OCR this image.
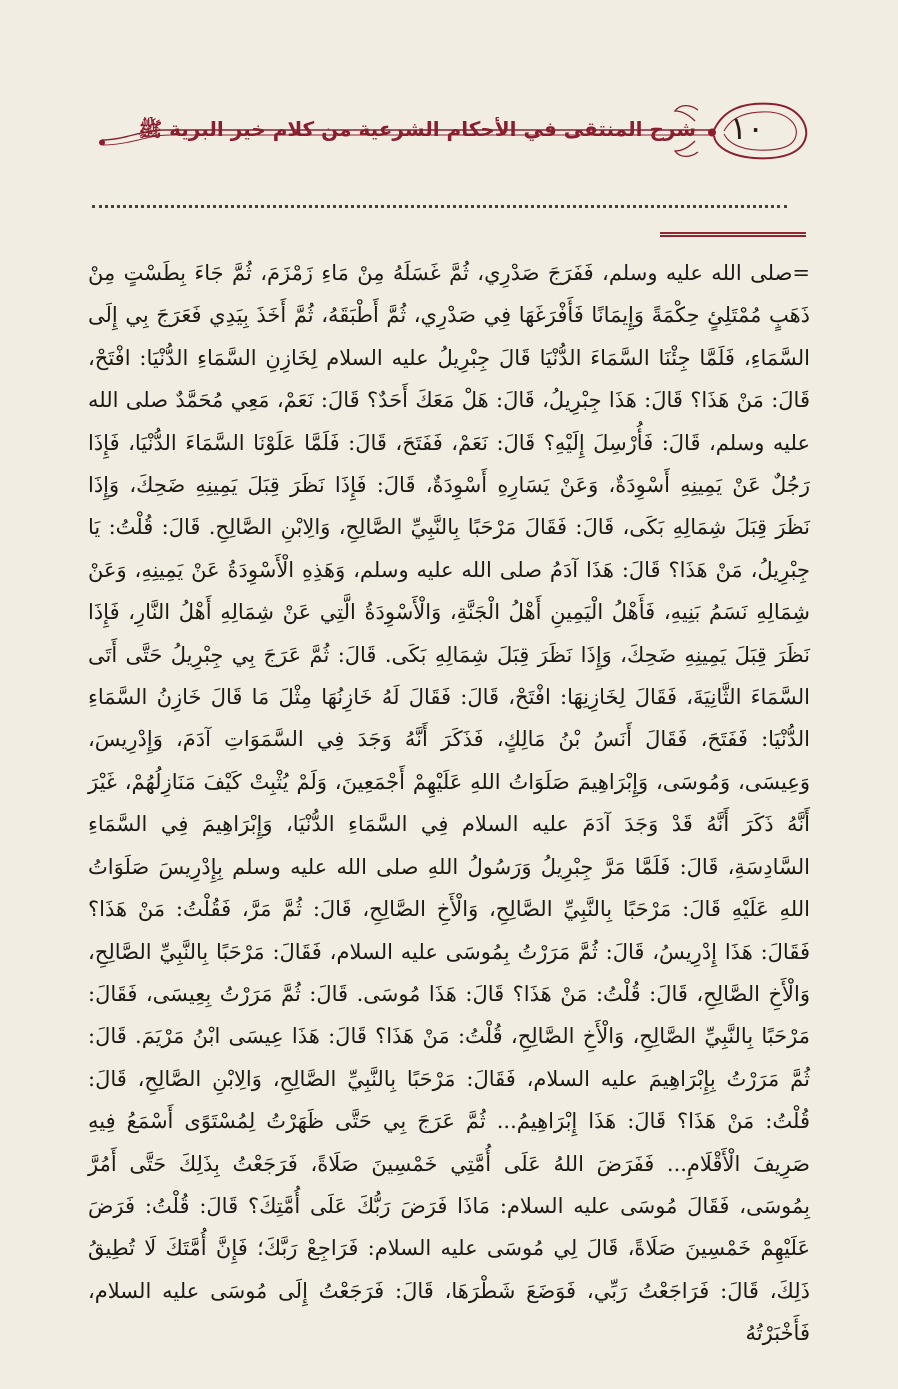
شرح المنتقى في الأحكام الشرعية من كلام خير البرية ﷺ ١٠

=صلى الله عليه وسلم، فَفَرَجَ صَدْرِي، ثُمَّ غَسَلَهُ مِنْ مَاءِ زَمْزَمَ، ثُمَّ جَاءَ بِطَسْتٍ مِنْ ذَهَبٍ مُمْتَلِئٍ حِكْمَةً وَإِيمَانًا فَأَفْرَغَهَا فِي صَدْرِي، ثُمَّ أَطْبَقَهُ، ثُمَّ أَخَذَ بِيَدِي فَعَرَجَ بِي إِلَى السَّمَاءِ، فَلَمَّا جِئْنَا السَّمَاءَ الدُّنْيَا قَالَ جِبْرِيلُ عليه السلام لِخَازِنِ السَّمَاءِ الدُّنْيَا: افْتَحْ، قَالَ: مَنْ هَذَا؟ قَالَ: هَذَا جِبْرِيلُ، قَالَ: هَلْ مَعَكَ أَحَدٌ؟ قَالَ: نَعَمْ، مَعِي مُحَمَّدٌ صلى الله عليه وسلم، قَالَ: فَأُرْسِلَ إِلَيْهِ؟ قَالَ: نَعَمْ، فَفَتَحَ، قَالَ: فَلَمَّا عَلَوْنَا السَّمَاءَ الدُّنْيَا، فَإِذَا رَجُلٌ عَنْ يَمِينِهِ أَسْوِدَةٌ، وَعَنْ يَسَارِهِ أَسْوِدَةٌ، قَالَ: فَإِذَا نَظَرَ قِبَلَ يَمِينِهِ ضَحِكَ، وَإِذَا نَظَرَ قِبَلَ شِمَالِهِ بَكَى، قَالَ: فَقَالَ مَرْحَبًا بِالنَّبِيِّ الصَّالِحِ، وَالِابْنِ الصَّالِحِ. قَالَ: قُلْتُ: يَا جِبْرِيلُ، مَنْ هَذَا؟ قَالَ: هَذَا آدَمُ صلى الله عليه وسلم، وَهَذِهِ الْأَسْوِدَةُ عَنْ يَمِينِهِ، وَعَنْ شِمَالِهِ نَسَمُ بَنِيهِ، فَأَهْلُ الْيَمِينِ أَهْلُ الْجَنَّةِ، وَالْأَسْوِدَةُ الَّتِي عَنْ شِمَالِهِ أَهْلُ النَّارِ، فَإِذَا نَظَرَ قِبَلَ يَمِينِهِ ضَحِكَ، وَإِذَا نَظَرَ قِبَلَ شِمَالِهِ بَكَى. قَالَ: ثُمَّ عَرَجَ بِي جِبْرِيلُ حَتَّى أَتَى السَّمَاءَ الثَّانِيَةَ، فَقَالَ لِخَازِنِهَا: افْتَحْ، قَالَ: فَقَالَ لَهُ خَازِنُهَا مِثْلَ مَا قَالَ خَازِنُ السَّمَاءِ الدُّنْيَا: فَفَتَحَ، فَقَالَ أَنَسُ بْنُ مَالِكٍ، فَذَكَرَ أَنَّهُ وَجَدَ فِي السَّمَوَاتِ آدَمَ، وَإِدْرِيسَ، وَعِيسَى، وَمُوسَى، وَإِبْرَاهِيمَ صَلَوَاتُ اللهِ عَلَيْهِمْ أَجْمَعِينَ، وَلَمْ يُثْبِتْ كَيْفَ مَنَازِلُهُمْ، غَيْرَ أَنَّهُ ذَكَرَ أَنَّهُ قَدْ وَجَدَ آدَمَ عليه السلام فِي السَّمَاءِ الدُّنْيَا، وَإِبْرَاهِيمَ فِي السَّمَاءِ السَّادِسَةِ، قَالَ: فَلَمَّا مَرَّ جِبْرِيلُ وَرَسُولُ اللهِ صلى الله عليه وسلم بِإِدْرِيسَ صَلَوَاتُ اللهِ عَلَيْهِ قَالَ: مَرْحَبًا بِالنَّبِيِّ الصَّالِحِ، وَالْأَخِ الصَّالِحِ، قَالَ: ثُمَّ مَرَّ، فَقُلْتُ: مَنْ هَذَا؟ فَقَالَ: هَذَا إِدْرِيسُ، قَالَ: ثُمَّ مَرَرْتُ بِمُوسَى عليه السلام، فَقَالَ: مَرْحَبًا بِالنَّبِيِّ الصَّالِحِ، وَالْأَخِ الصَّالِحِ، قَالَ: قُلْتُ: مَنْ هَذَا؟ قَالَ: هَذَا مُوسَى. قَالَ: ثُمَّ مَرَرْتُ بِعِيسَى، فَقَالَ: مَرْحَبًا بِالنَّبِيِّ الصَّالِحِ، وَالْأَخِ الصَّالِحِ، قُلْتُ: مَنْ هَذَا؟ قَالَ: هَذَا عِيسَى ابْنُ مَرْيَمَ. قَالَ: ثُمَّ مَرَرْتُ بِإِبْرَاهِيمَ عليه السلام، فَقَالَ: مَرْحَبًا بِالنَّبِيِّ الصَّالِحِ، وَالِابْنِ الصَّالِحِ، قَالَ: قُلْتُ: مَنْ هَذَا؟ قَالَ: هَذَا إِبْرَاهِيمُ... ثُمَّ عَرَجَ بِي حَتَّى ظَهَرْتُ لِمُسْتَوًى أَسْمَعُ فِيهِ صَرِيفَ الْأَقْلَامِ... فَفَرَضَ اللهُ عَلَى أُمَّتِي خَمْسِينَ صَلَاةً، فَرَجَعْتُ بِذَلِكَ حَتَّى أَمُرَّ بِمُوسَى، فَقَالَ مُوسَى عليه السلام: مَاذَا فَرَضَ رَبُّكَ عَلَى أُمَّتِكَ؟ قَالَ: قُلْتُ: فَرَضَ عَلَيْهِمْ خَمْسِينَ صَلَاةً، قَالَ لِي مُوسَى عليه السلام: فَرَاجِعْ رَبَّكَ؛ فَإِنَّ أُمَّتَكَ لَا تُطِيقُ ذَلِكَ، قَالَ: فَرَاجَعْتُ رَبِّي، فَوَضَعَ شَطْرَهَا، قَالَ: فَرَجَعْتُ إِلَى مُوسَى عليه السلام، فَأَخْبَرْتُهُ
